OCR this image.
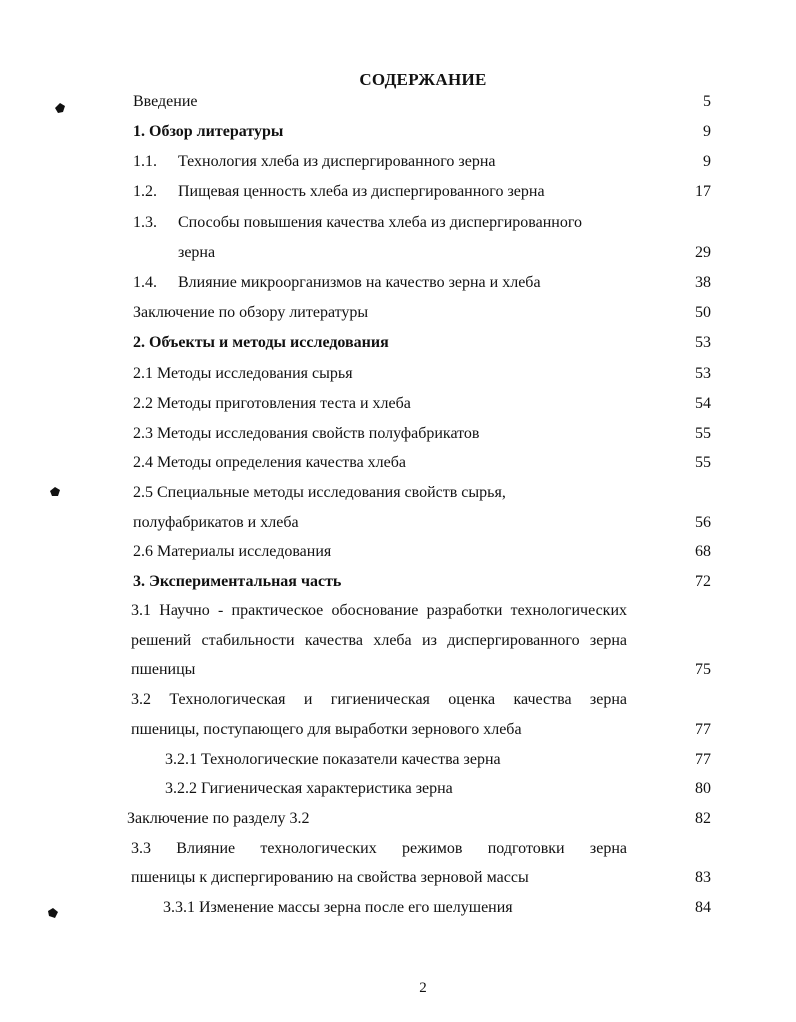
СОДЕРЖАНИЕ
Введение	5
1. Обзор литературы	9
1.1. Технология хлеба из диспергированного зерна	9
1.2. Пищевая ценность хлеба из диспергированного зерна	17
1.3. Способы повышения качества хлеба из диспергированного
зерна	29
1.4. Влияние микроорганизмов на качество зерна и хлеба	38
Заключение по обзору литературы	50
2. Объекты и методы исследования	53
2.1 Методы исследования сырья	53
2.2 Методы приготовления теста и хлеба	54
2.3 Методы исследования свойств полуфабрикатов	55
2.4 Методы определения качества хлеба	55
2.5 Специальные методы исследования свойств сырья,
полуфабрикатов и хлеба	56
2.6 Материалы исследования	68
3. Экспериментальная часть	72
3.1 Научно - практическое обоснование разработки технологических
решений стабильности качества хлеба из диспергированного зерна
пшеницы	75
3.2 Технологическая и гигиеническая оценка качества зерна
пшеницы, поступающего для выработки зернового хлеба	77
3.2.1 Технологические показатели качества зерна	77
3.2.2 Гигиеническая характеристика зерна	80
Заключение по разделу 3.2	82
3.3 Влияние технологических режимов подготовки зерна
пшеницы к диспергированию на свойства зерновой массы	83
3.3.1 Изменение массы зерна после его шелушения	84
2
